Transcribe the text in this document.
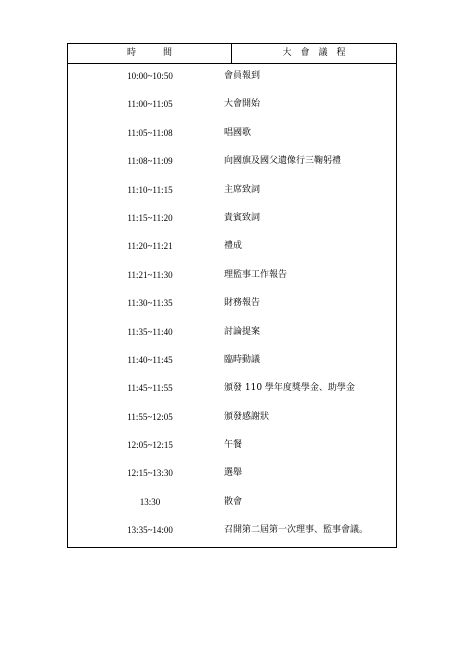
時　　　間	大　會　議　程
10:00~10:50	會員報到
11:00~11:05	大會開始
11:05~11:08	唱國歌
11:08~11:09	向國旗及國父遺像行三鞠躬禮
11:10~11:15	主席致詞
11:15~11:20	貴賓致詞
11:20~11:21	禮成
11:21~11:30	理監事工作報告
11:30~11:35	財務報告
11:35~11:40	討論提案
11:40~11:45	臨時動議
11:45~11:55	頒發 110 學年度獎學金、助學金
11:55~12:05	頒發感謝狀
12:05~12:15	午餐
12:15~13:30	選舉
13:30	散會
13:35~14:00	召開第二屆第一次理事、監事會議。
